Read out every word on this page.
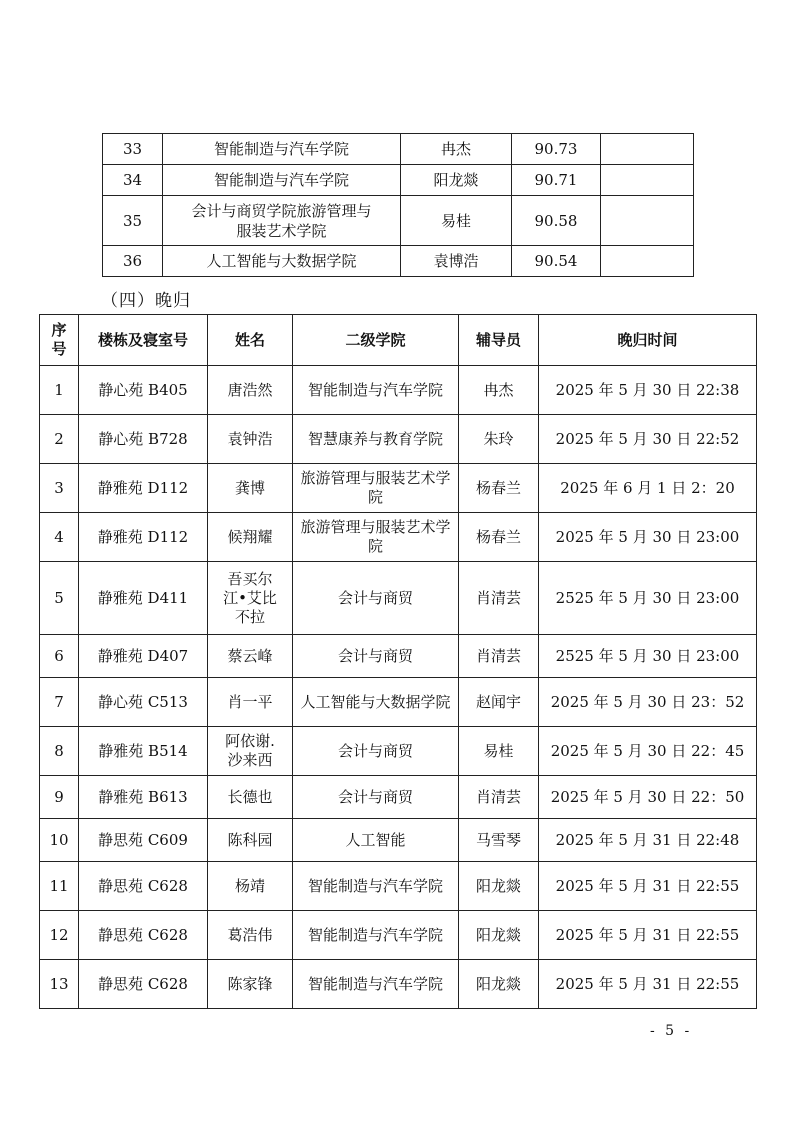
33	智能制造与汽车学院	冉杰	90.73	
34	智能制造与汽车学院	阳龙燚	90.71	
35	会计与商贸学院旅游管理与服装艺术学院	易桂	90.58	
36	人工智能与大数据学院	袁博浩	90.54	
（四）晚归
序号	楼栋及寝室号	姓名	二级学院	辅导员	晚归时间
1	静心苑 B405	唐浩然	智能制造与汽车学院	冉杰	2025 年 5 月 30 日 22:38
2	静心苑 B728	袁钟浩	智慧康养与教育学院	朱玲	2025 年 5 月 30 日 22:52
3	静雅苑 D112	龚博	旅游管理与服装艺术学院	杨春兰	2025 年 6 月 1 日 2：20
4	静雅苑 D112	候翔耀	旅游管理与服装艺术学院	杨春兰	2025 年 5 月 30 日 23:00
5	静雅苑 D411	吾买尔江•艾比不拉	会计与商贸	肖清芸	2525 年 5 月 30 日 23:00
6	静雅苑 D407	蔡云峰	会计与商贸	肖清芸	2525 年 5 月 30 日 23:00
7	静心苑 C513	肖一平	人工智能与大数据学院	赵闻宇	2025 年 5 月 30 日 23：52
8	静雅苑 B514	阿依谢.沙来西	会计与商贸	易桂	2025 年 5 月 30 日 22：45
9	静雅苑 B613	长德也	会计与商贸	肖清芸	2025 年 5 月 30 日 22：50
10	静思苑 C609	陈科园	人工智能	马雪琴	2025 年 5 月 31 日 22:48
11	静思苑 C628	杨靖	智能制造与汽车学院	阳龙燚	2025 年 5 月 31 日 22:55
12	静思苑 C628	葛浩伟	智能制造与汽车学院	阳龙燚	2025 年 5 月 31 日 22:55
13	静思苑 C628	陈家锋	智能制造与汽车学院	阳龙燚	2025 年 5 月 31 日 22:55
- 5 -
